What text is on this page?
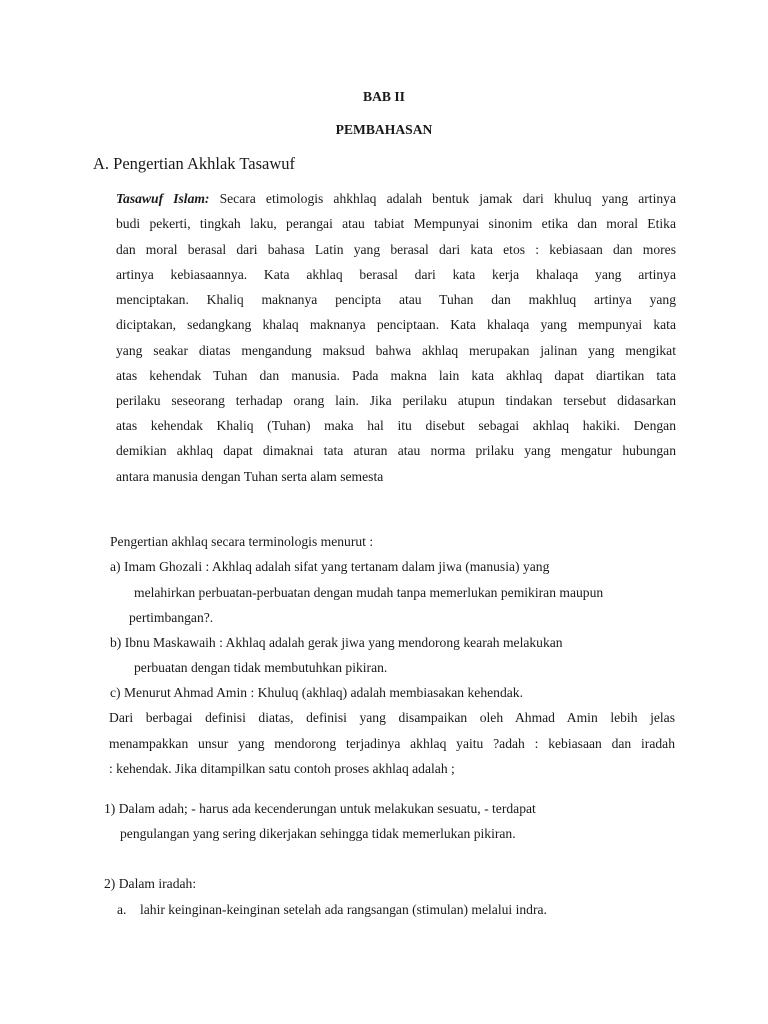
BAB II
PEMBAHASAN
A. Pengertian Akhlak Tasawuf
Tasawuf Islam: Secara etimologis ahkhlaq adalah bentuk jamak dari khuluq yang artinya
budi pekerti, tingkah laku, perangai atau tabiat Mempunyai sinonim etika dan moral Etika
dan moral berasal dari bahasa Latin yang berasal dari kata etos : kebiasaan dan mores
artinya kebiasaannya. Kata akhlaq berasal dari kata kerja khalaqa yang artinya
menciptakan. Khaliq maknanya pencipta atau Tuhan dan makhluq artinya yang
diciptakan, sedangkang khalaq maknanya penciptaan. Kata khalaqa yang mempunyai kata
yang seakar diatas mengandung maksud bahwa akhlaq merupakan jalinan yang mengikat
atas kehendak Tuhan dan manusia. Pada makna lain kata akhlaq dapat diartikan tata
perilaku seseorang terhadap orang lain. Jika perilaku atupun tindakan tersebut didasarkan
atas kehendak Khaliq (Tuhan) maka hal itu disebut sebagai akhlaq hakiki. Dengan
demikian akhlaq dapat dimaknai tata aturan atau norma prilaku yang mengatur hubungan
antara manusia dengan Tuhan serta alam semesta
Pengertian akhlaq secara terminologis menurut :
a) Imam Ghozali : Akhlaq adalah sifat yang tertanam dalam jiwa (manusia) yang
melahirkan perbuatan-perbuatan dengan mudah tanpa memerlukan pemikiran maupun
pertimbangan?.
b) Ibnu Maskawaih : Akhlaq adalah gerak jiwa yang mendorong kearah melakukan
perbuatan dengan tidak membutuhkan pikiran.
c) Menurut Ahmad Amin : Khuluq (akhlaq) adalah membiasakan kehendak.
Dari berbagai definisi diatas, definisi yang disampaikan oleh Ahmad Amin lebih jelas
menampakkan unsur yang mendorong terjadinya akhlaq yaitu ?adah : kebiasaan dan iradah
: kehendak. Jika ditampilkan satu contoh proses akhlaq adalah ;
1) Dalam adah; - harus ada kecenderungan untuk melakukan sesuatu, - terdapat
pengulangan yang sering dikerjakan sehingga tidak memerlukan pikiran.
2) Dalam iradah:
a. lahir keinginan-keinginan setelah ada rangsangan (stimulan) melalui indra.
